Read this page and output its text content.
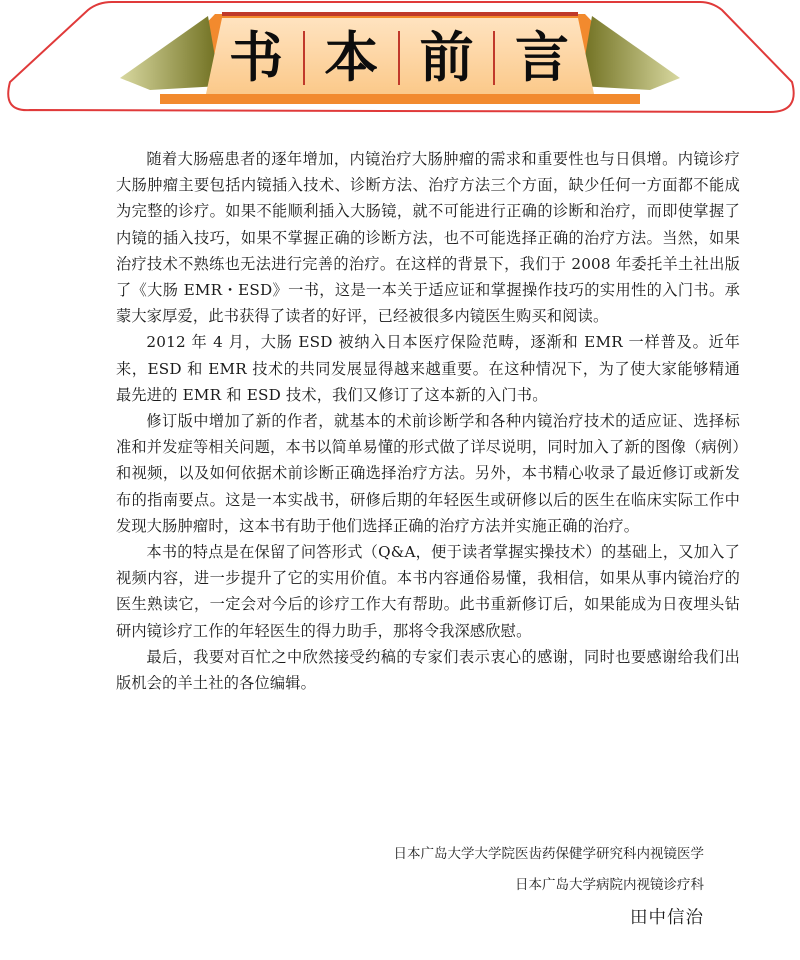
书 本 前 言

随着大肠癌患者的逐年增加，内镜治疗大肠肿瘤的需求和重要性也与日俱增。内镜诊疗大肠肿瘤主要包括内镜插入技术、诊断方法、治疗方法三个方面，缺少任何一方面都不能成为完整的诊疗。如果不能顺利插入大肠镜，就不可能进行正确的诊断和治疗，而即使掌握了内镜的插入技巧，如果不掌握正确的诊断方法，也不可能选择正确的治疗方法。当然，如果治疗技术不熟练也无法进行完善的治疗。在这样的背景下，我们于 2008 年委托羊土社出版了《大肠 EMR・ESD》一书，这是一本关于适应证和掌握操作技巧的实用性的入门书。承蒙大家厚爱，此书获得了读者的好评，已经被很多内镜医生购买和阅读。

2012 年 4 月，大肠 ESD 被纳入日本医疗保险范畴，逐渐和 EMR 一样普及。近年来，ESD 和 EMR 技术的共同发展显得越来越重要。在这种情况下，为了使大家能够精通最先进的 EMR 和 ESD 技术，我们又修订了这本新的入门书。

修订版中增加了新的作者，就基本的术前诊断学和各种内镜治疗技术的适应证、选择标准和并发症等相关问题，本书以简单易懂的形式做了详尽说明，同时加入了新的图像（病例）和视频，以及如何依据术前诊断正确选择治疗方法。另外，本书精心收录了最近修订或新发布的指南要点。这是一本实战书，研修后期的年轻医生或研修以后的医生在临床实际工作中发现大肠肿瘤时，这本书有助于他们选择正确的治疗方法并实施正确的治疗。

本书的特点是在保留了问答形式（Q&A，便于读者掌握实操技术）的基础上，又加入了视频内容，进一步提升了它的实用价值。本书内容通俗易懂，我相信，如果从事内镜治疗的医生熟读它，一定会对今后的诊疗工作大有帮助。此书重新修订后，如果能成为日夜埋头钻研内镜诊疗工作的年轻医生的得力助手，那将令我深感欣慰。

最后，我要对百忙之中欣然接受约稿的专家们表示衷心的感谢，同时也要感谢给我们出版机会的羊土社的各位编辑。

日本广岛大学大学院医齿药保健学研究科内视镜医学
日本广岛大学病院内视镜诊疗科
田中信治
